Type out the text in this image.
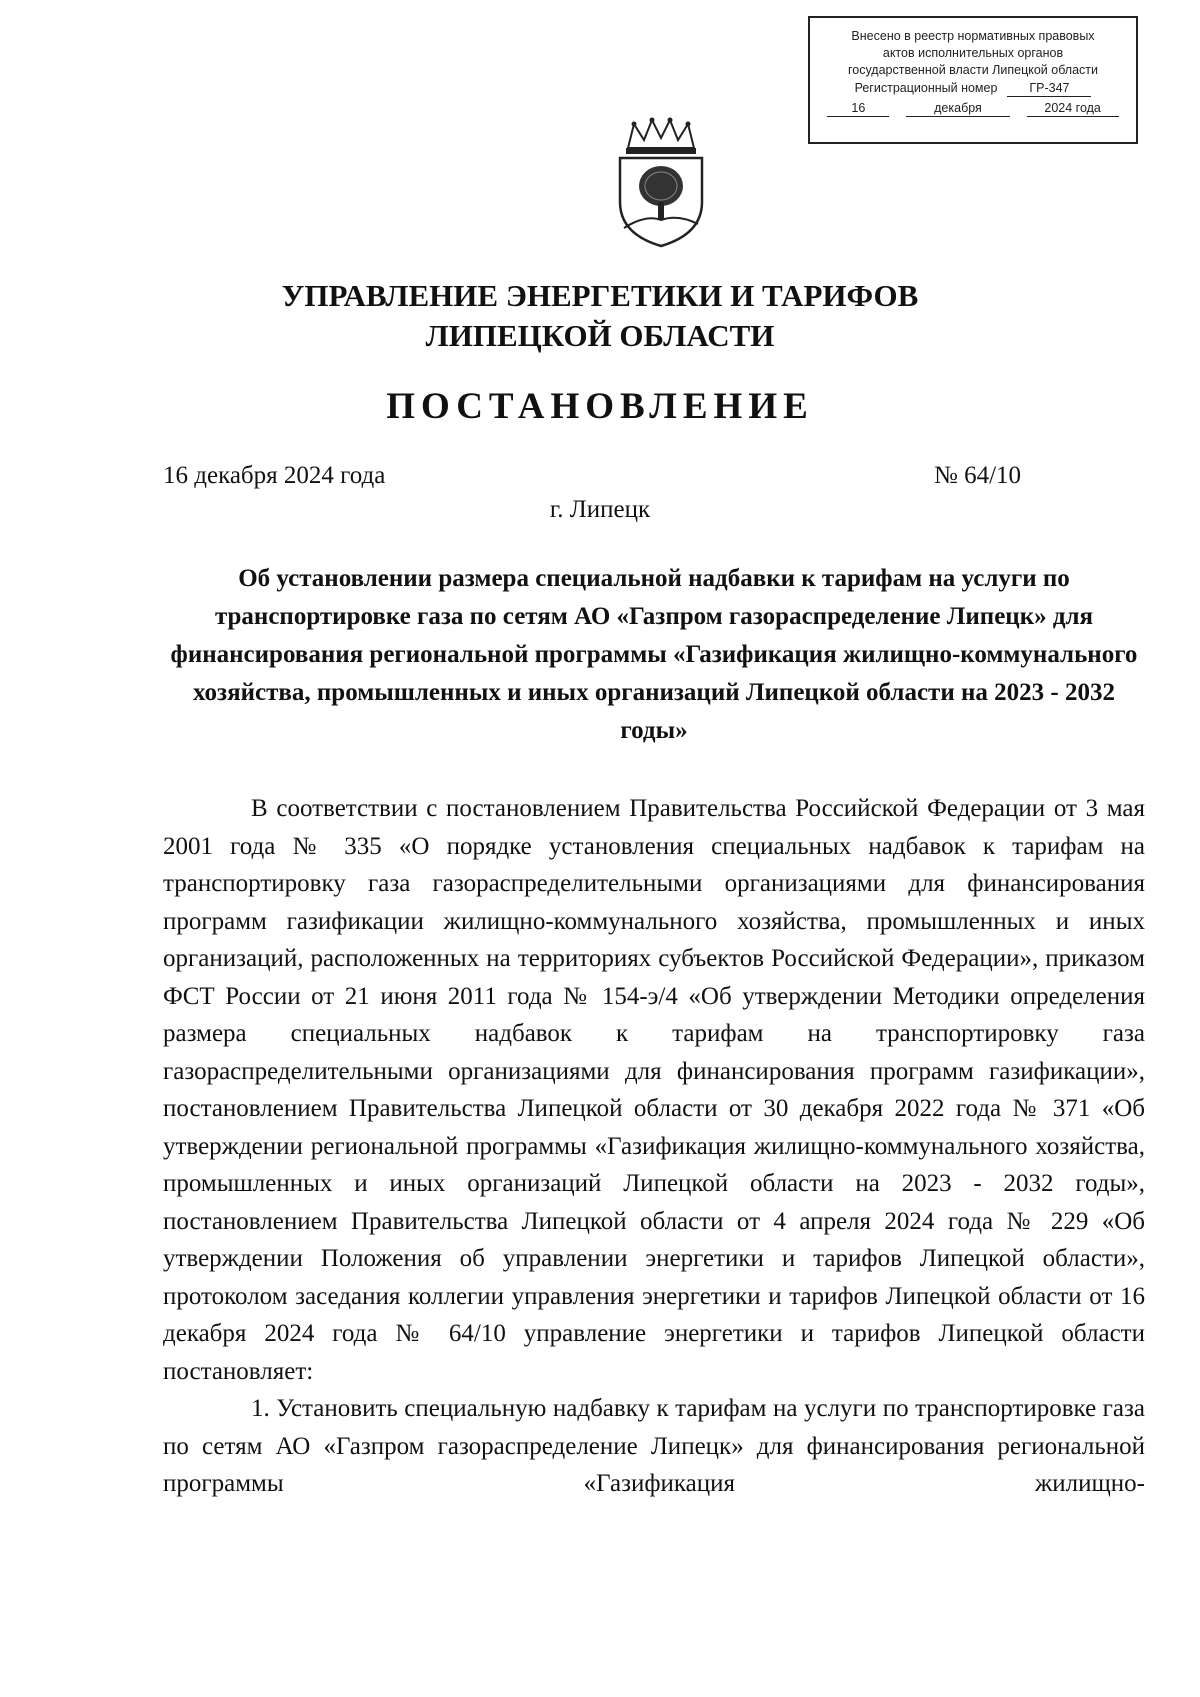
Внесено в реестр нормативных правовых
актов исполнительных органов
государственной власти Липецкой области
Регистрационный номер	ГР-347
16	декабря	2024 года
УПРАВЛЕНИЕ ЭНЕРГЕТИКИ И ТАРИФОВ
ЛИПЕЦКОЙ ОБЛАСТИ
ПОСТАНОВЛЕНИЕ
16 декабря 2024 года	№ 64/10
г. Липецк
Об установлении размера специальной надбавки к тарифам на услуги по транспортировке газа по сетям АО «Газпром газораспределение Липецк» для финансирования региональной программы «Газификация жилищно-коммунального хозяйства, промышленных и иных организаций Липецкой области на 2023 - 2032 годы»

В соответствии с постановлением Правительства Российской Федерации от 3 мая 2001 года № 335 «О порядке установления специальных надбавок к тарифам на транспортировку газа газораспределительными организациями для финансирования программ газификации жилищно-коммунального хозяйства, промышленных и иных организаций, расположенных на территориях субъектов Российской Федерации», приказом ФСТ России от 21 июня 2011 года № 154-э/4 «Об утверждении Методики определения размера специальных надбавок к тарифам на транспортировку газа газораспределительными организациями для финансирования программ газификации», постановлением Правительства Липецкой области от 30 декабря 2022 года № 371 «Об утверждении региональной программы «Газификация жилищно-коммунального хозяйства, промышленных и иных организаций Липецкой области на 2023 - 2032 годы», постановлением Правительства Липецкой области от 4 апреля 2024 года № 229 «Об утверждении Положения об управлении энергетики и тарифов Липецкой области», протоколом заседания коллегии управления энергетики и тарифов Липецкой области от 16 декабря 2024 года № 64/10 управление энергетики и тарифов Липецкой области постановляет:

1. Установить специальную надбавку к тарифам на услуги по транспортировке газа по сетям АО «Газпром газораспределение Липецк» для финансирования региональной программы «Газификация жилищно-
